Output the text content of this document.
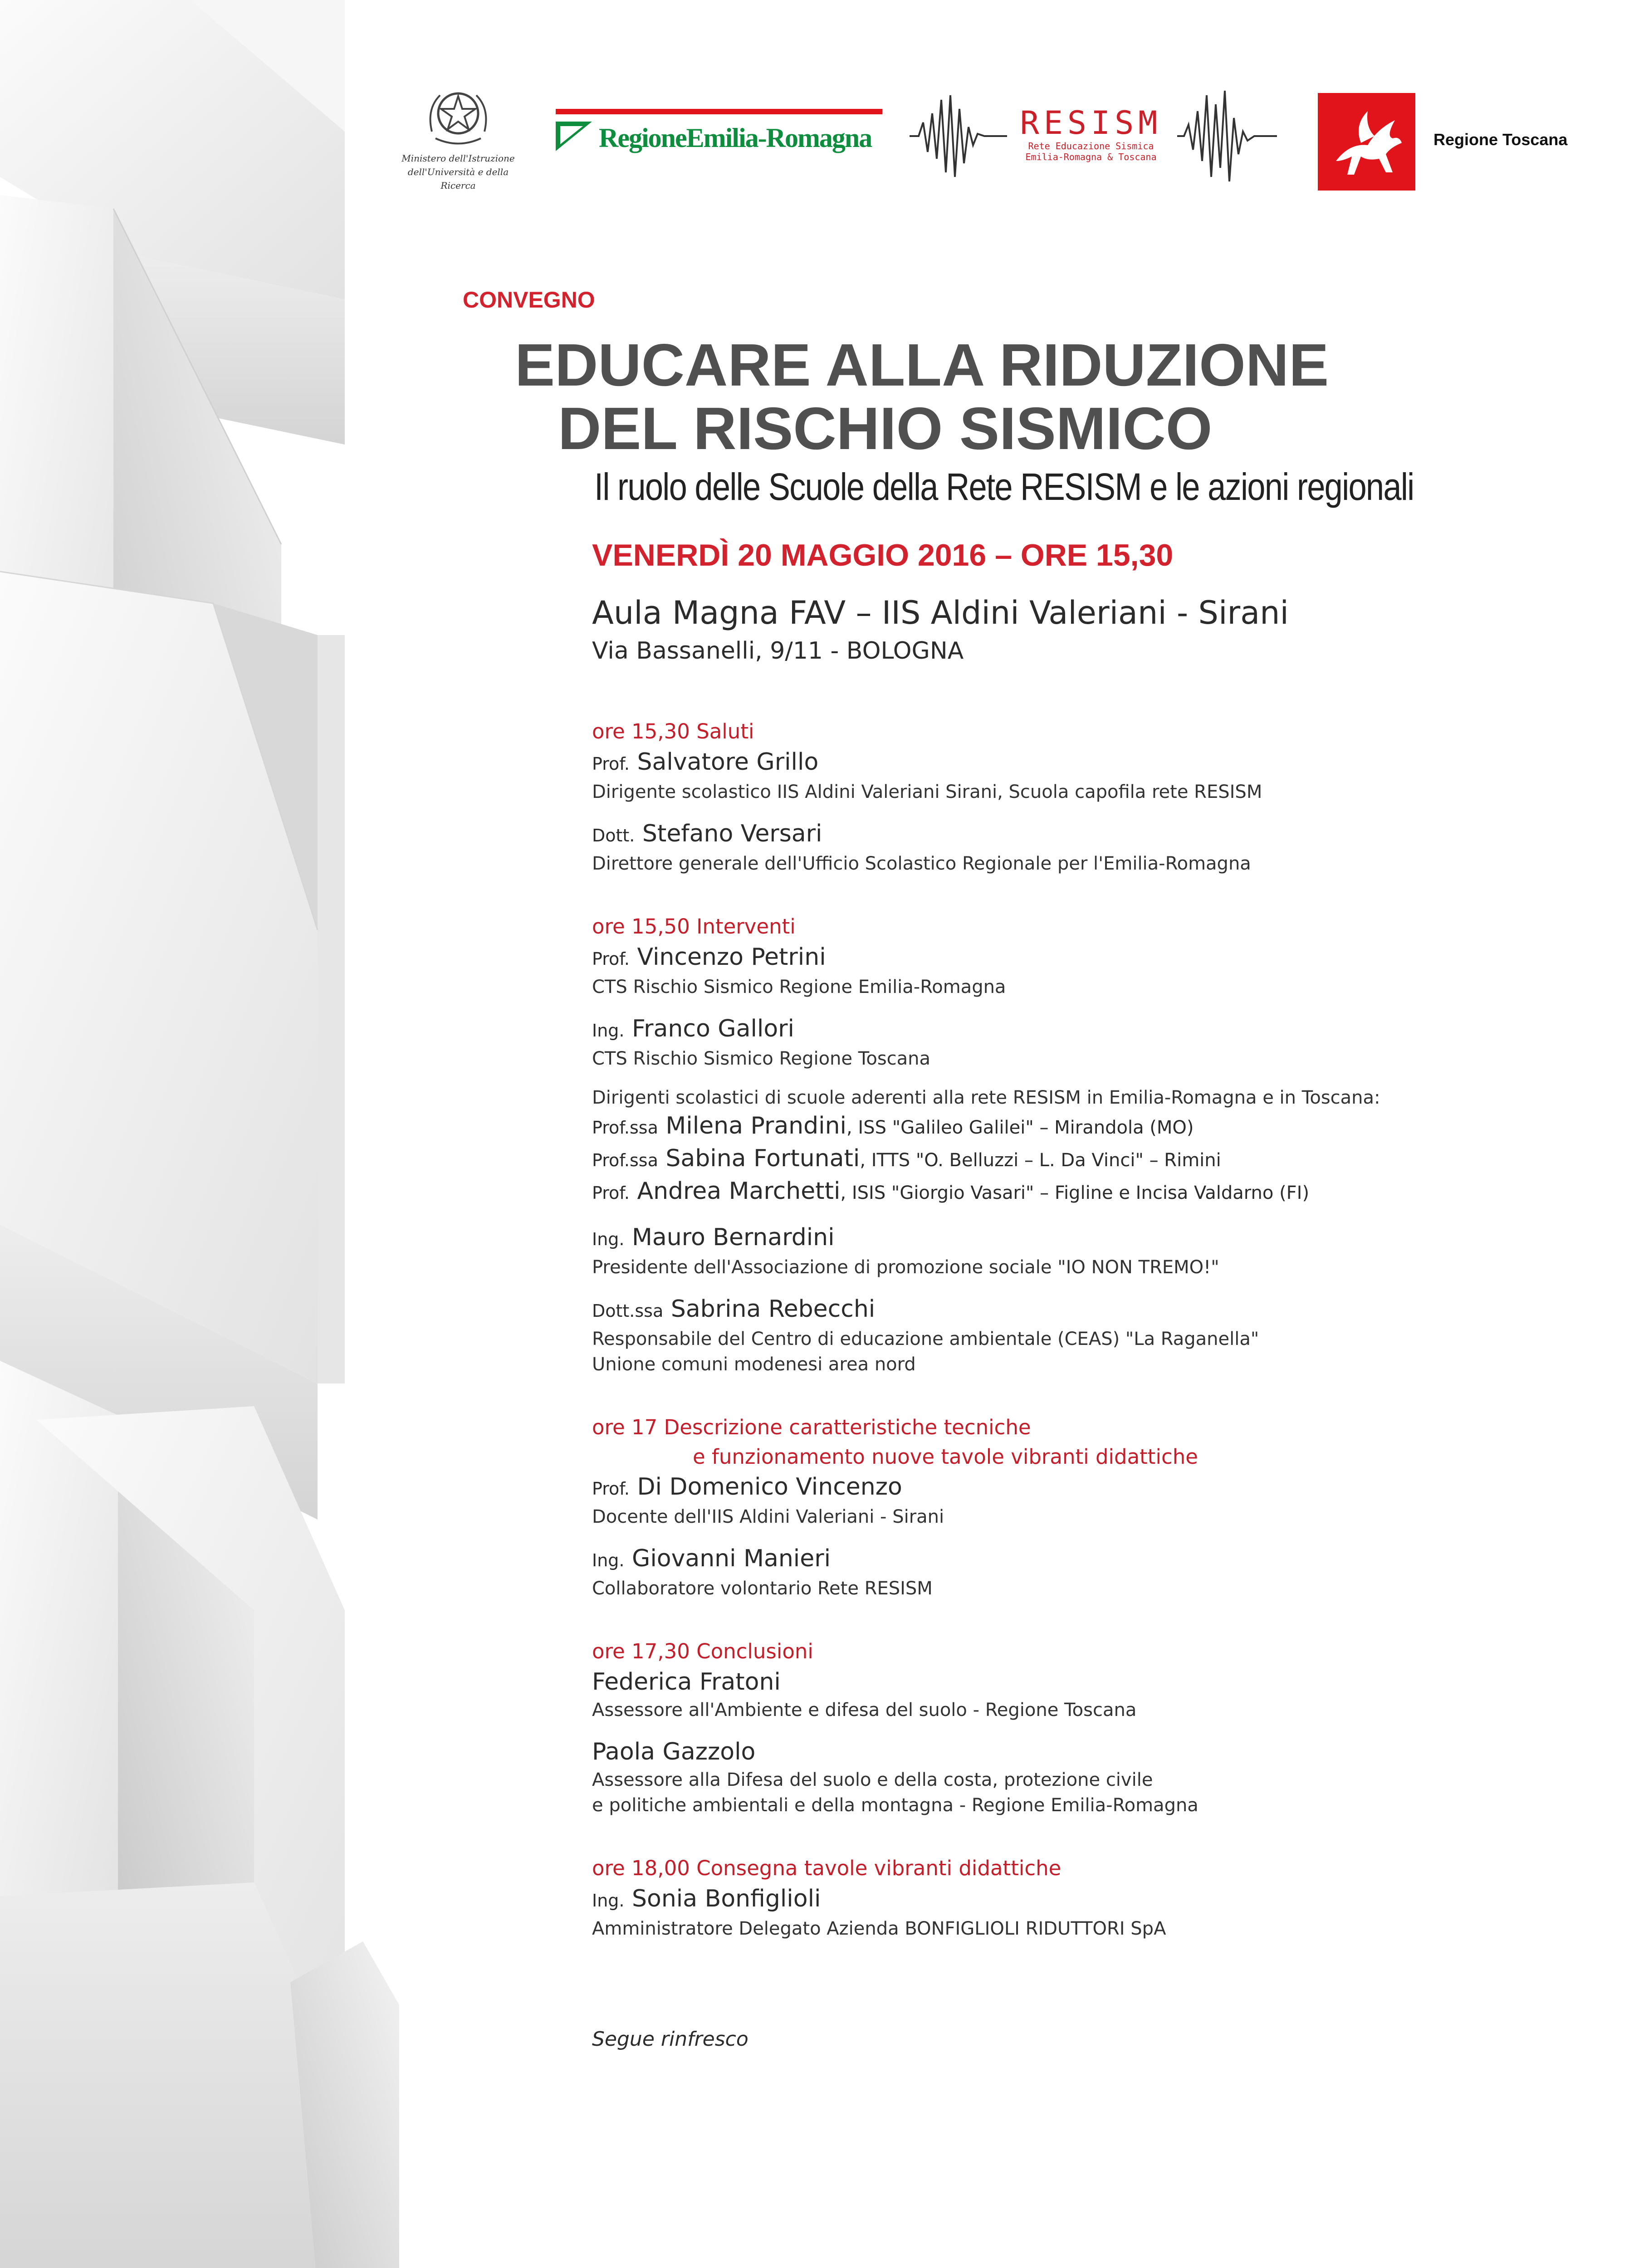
Ministero dell'Istruzione
dell'Università e della Ricerca
RegioneEmilia-Romagna	RESISM
Rete Educazione Sismica
Emilia-Romagna & Toscana
Regione Toscana
CONVEGNO
EDUCARE ALLA RIDUZIONE
DEL RISCHIO SISMICO
Il ruolo delle Scuole della Rete RESISM e le azioni regionali
VENERDÌ 20 MAGGIO 2016 – ORE 15,30
Aula Magna FAV – IIS Aldini Valeriani - Sirani
Via Bassanelli, 9/11 - BOLOGNA

ore 15,30 Saluti

Prof. Salvatore Grillo

Dirigente scolastico IIS Aldini Valeriani Sirani, Scuola capofila rete RESISM

Dott. Stefano Versari

Direttore generale dell'Ufficio Scolastico Regionale per l'Emilia-Romagna

ore 15,50 Interventi

Prof. Vincenzo Petrini

CTS Rischio Sismico Regione Emilia-Romagna

Ing. Franco Gallori

CTS Rischio Sismico Regione Toscana

Dirigenti scolastici di scuole aderenti alla rete RESISM in Emilia-Romagna e in Toscana:

Prof.ssa Milena Prandini, ISS "Galileo Galilei" – Mirandola (MO)

Prof.ssa Sabina Fortunati, ITTS "O. Belluzzi – L. Da Vinci" – Rimini

Prof. Andrea Marchetti, ISIS "Giorgio Vasari" – Figline e Incisa Valdarno (FI)

Ing. Mauro Bernardini

Presidente dell'Associazione di promozione sociale "IO NON TREMO!"

Dott.ssa Sabrina Rebecchi

Responsabile del Centro di educazione ambientale (CEAS) "La Raganella"

Unione comuni modenesi area nord

ore 17 Descrizione caratteristiche tecniche

e funzionamento nuove tavole vibranti didattiche

Prof. Di Domenico Vincenzo

Docente dell'IIS Aldini Valeriani - Sirani

Ing. Giovanni Manieri

Collaboratore volontario Rete RESISM

ore 17,30 Conclusioni

Federica Fratoni

Assessore all'Ambiente e difesa del suolo - Regione Toscana

Paola Gazzolo

Assessore alla Difesa del suolo e della costa, protezione civile

e politiche ambientali e della montagna - Regione Emilia-Romagna

ore 18,00 Consegna tavole vibranti didattiche

Ing. Sonia Bonfiglioli

Amministratore Delegato Azienda BONFIGLIOLI RIDUTTORI SpA

Segue rinfresco
